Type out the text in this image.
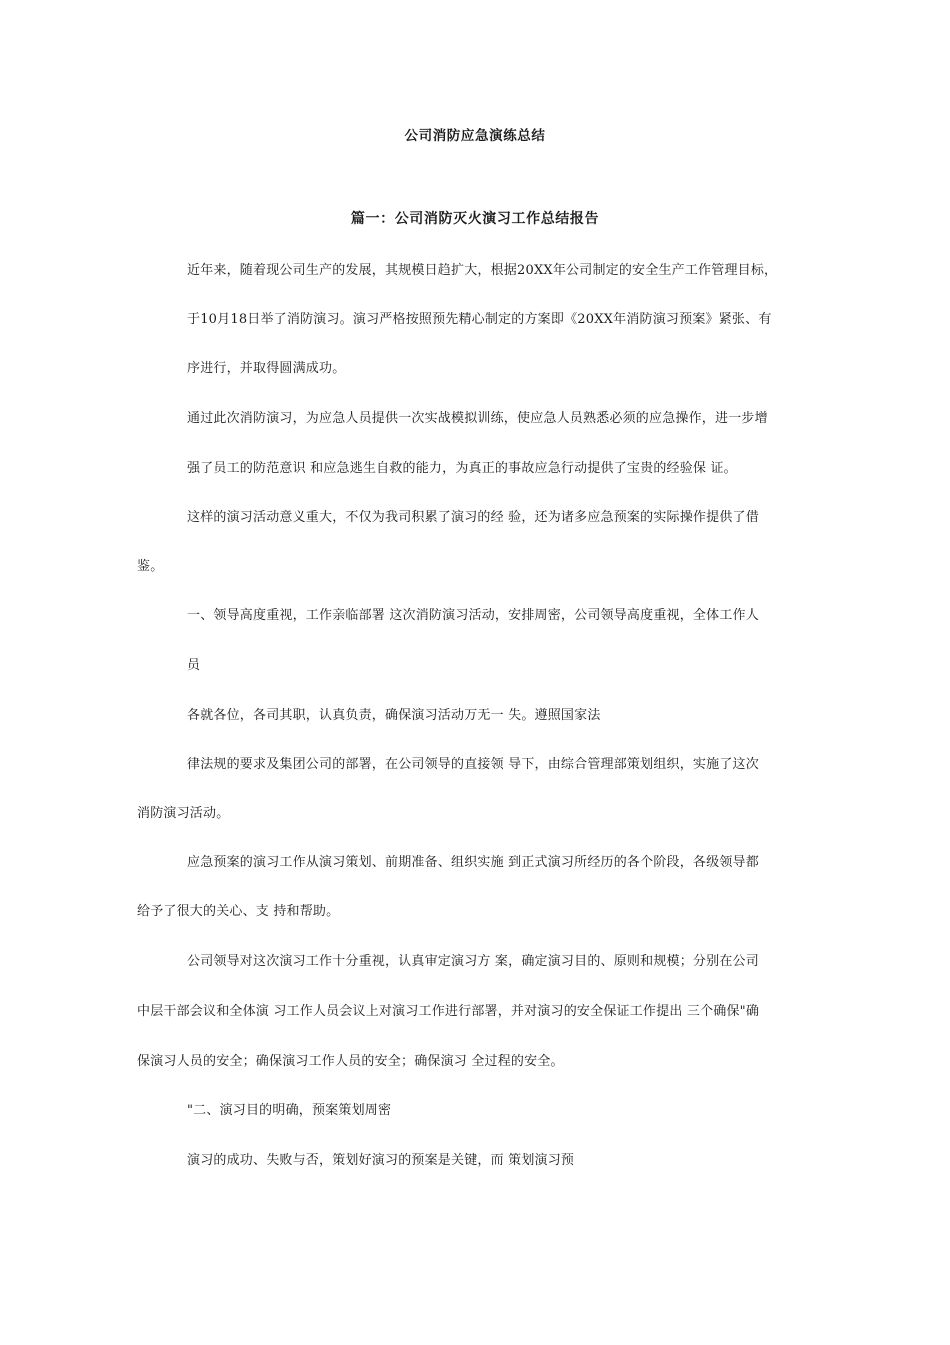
公司消防应急演练总结
篇一：公司消防灭火演习工作总结报告
近年来，随着现公司生产的发展，其规模日趋扩大，根据20XX年公司制定的安全生产工作管理目标，
于10月18日举了消防演习。演习严格按照预先精心制定的方案即《20XX年消防演习预案》紧张、有
序进行，并取得圆满成功。
通过此次消防演习，为应急人员提供一次实战模拟训练，使应急人员熟悉必须的应急操作，进一步增
强了员工的防范意识 和应急逃生自救的能力，为真正的事故应急行动提供了宝贵的经验保 证。
这样的演习活动意义重大，不仅为我司积累了演习的经 验，还为诸多应急预案的实际操作提供了借
鉴。
一、领导高度重视，工作亲临部署 这次消防演习活动，安排周密，公司领导高度重视，全体工作人
员
各就各位，各司其职，认真负责，确保演习活动万无一 失。遵照国家法
律法规的要求及集团公司的部署，在公司领导的直接领 导下，由综合管理部策划组织，实施了这次
消防演习活动。
应急预案的演习工作从演习策划、前期准备、组织实施 到正式演习所经历的各个阶段，各级领导都
给予了很大的关心、支 持和帮助。
公司领导对这次演习工作十分重视，认真审定演习方 案，确定演习目的、原则和规模；分别在公司
中层干部会议和全体演 习工作人员会议上对演习工作进行部署，并对演习的安全保证工作提出 三个确保"确
保演习人员的安全；确保演习工作人员的安全；确保演习 全过程的安全。
"二、演习目的明确，预案策划周密
演习的成功、失败与否，策划好演习的预案是关键，而 策划演习预
